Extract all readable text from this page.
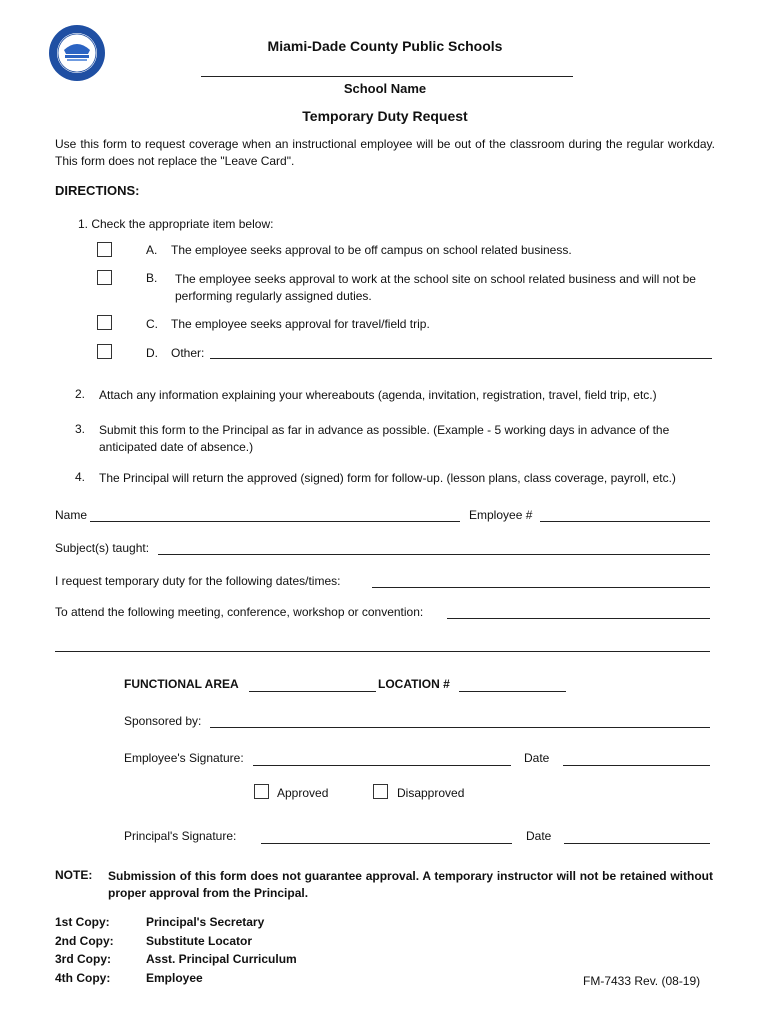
Miami-Dade County Public Schools
School Name
Temporary Duty Request
Use this form to request coverage when an instructional employee will be out of the classroom during the regular workday. This form does not replace the "Leave Card".
DIRECTIONS:
1. Check the appropriate item below:
A. The employee seeks approval to be off campus on school related business.
B. The employee seeks approval to work at the school site on school related business and will not be performing regularly assigned duties.
C. The employee seeks approval for travel/field trip.
D. Other:
2. Attach any information explaining your whereabouts (agenda, invitation, registration, travel, field trip, etc.)
3. Submit this form to the Principal as far in advance as possible. (Example - 5 working days in advance of the anticipated date of absence.)
4. The Principal will return the approved (signed) form for follow-up. (lesson plans, class coverage, payroll, etc.)
Name	Employee #
Subject(s) taught:
I request temporary duty for the following dates/times:
To attend the following meeting, conference, workshop or convention:
FUNCTIONAL AREA	LOCATION #
Sponsored by:
Employee's Signature:	Date
Approved	Disapproved
Principal's Signature:	Date
NOTE: Submission of this form does not guarantee approval. A temporary instructor will not be retained without proper approval from the Principal.
1st Copy:	Principal's Secretary
2nd Copy:	Substitute Locator
3rd Copy:	Asst. Principal Curriculum
4th Copy:	Employee	FM-7433 Rev. (08-19)
